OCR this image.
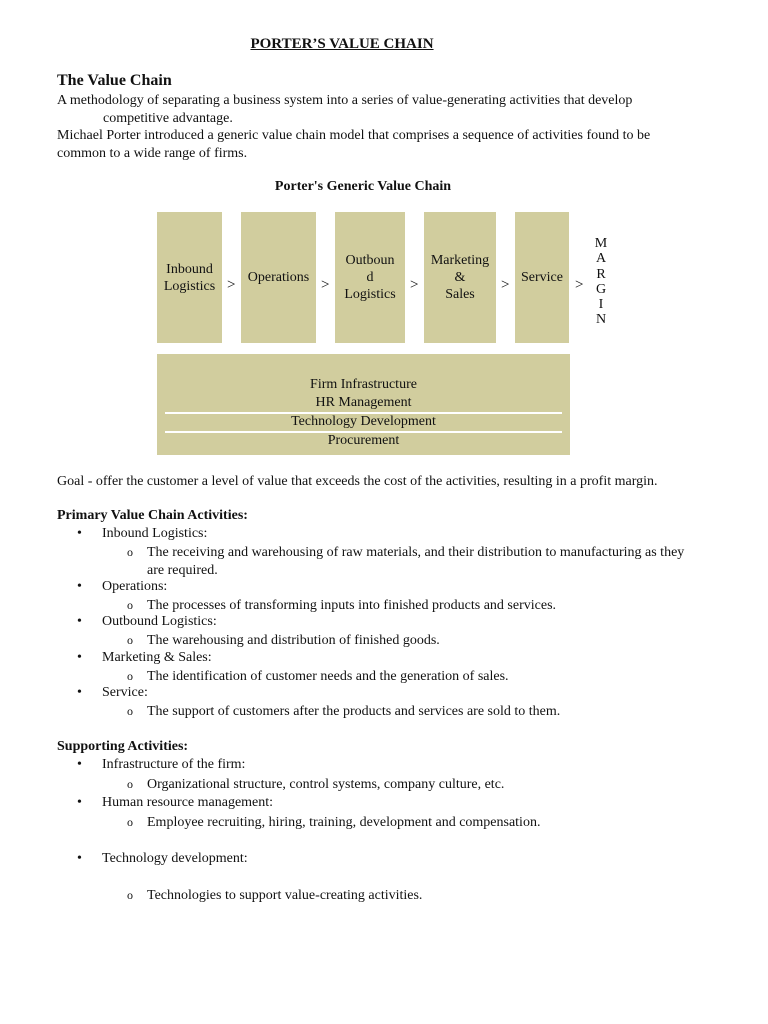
PORTER’S VALUE CHAIN
The Value Chain
A methodology of separating a business system into a series of value-generating activities that develop
competitive advantage.
Michael Porter introduced a generic value chain model that comprises a sequence of activities found to be
common to a wide range of firms.
Porter's Generic Value Chain
Inbound
Logistics > Operations >
Outboun
d
Logistics
>
Marketing
&
Sales
> Service >
M
A
R
G
I
N
Firm Infrastructure
HR Management
Technology Development
Procurement
Goal - offer the customer a level of value that exceeds the cost of the activities, resulting in a profit margin.
Primary Value Chain Activities:
• Inbound Logistics:
o	The receiving and warehousing of raw materials, and their distribution to manufacturing as they are required.
• Operations:
o	The processes of transforming inputs into finished products and services.
• Outbound Logistics:
o	The warehousing and distribution of finished goods.
• Marketing & Sales:
o	The identification of customer needs and the generation of sales.
• Service:
o	The support of customers after the products and services are sold to them.
Supporting Activities:
• Infrastructure of the firm:
o	Organizational structure, control systems, company culture, etc.
• Human resource management:
o	Employee recruiting, hiring, training, development and compensation.
• Technology development:
o	Technologies to support value-creating activities.
